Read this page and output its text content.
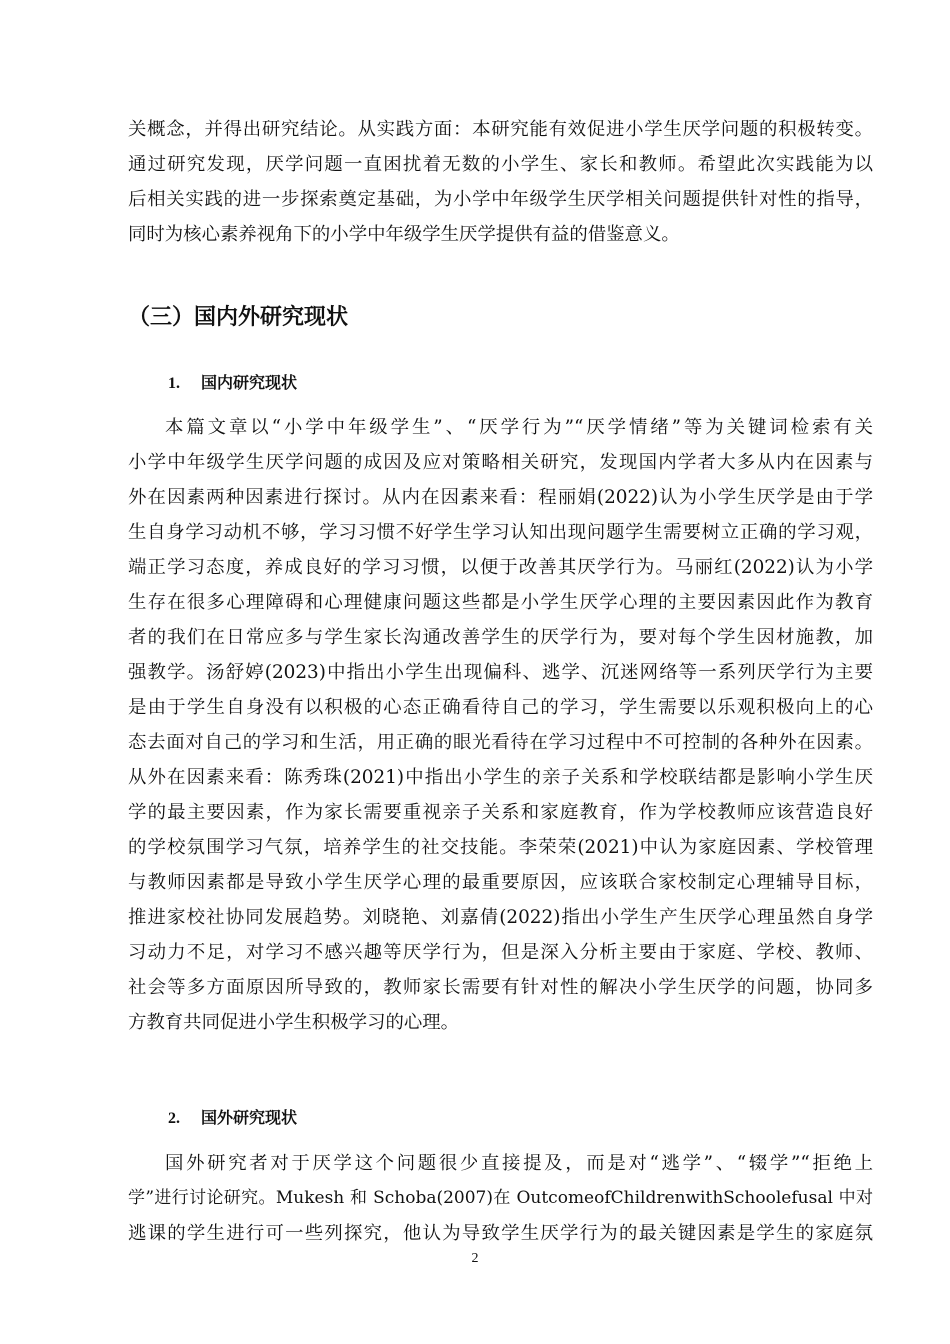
关概念，并得出研究结论。从实践方面：本研究能有效促进小学生厌学问题的积极转变。
通过研究发现，厌学问题一直困扰着无数的小学生、家长和教师。希望此次实践能为以
后相关实践的进一步探索奠定基础，为小学中年级学生厌学相关问题提供针对性的指导，
同时为核心素养视角下的小学中年级学生厌学提供有益的借鉴意义。
（三）国内外研究现状
1. 国内研究现状
本篇文章以“小学中年级学生”、“厌学行为”“厌学情绪”等为关键词检索有关
小学中年级学生厌学问题的成因及应对策略相关研究，发现国内学者大多从内在因素与
外在因素两种因素进行探讨。从内在因素来看：程丽娟(2022)认为小学生厌学是由于学
生自身学习动机不够，学习习惯不好学生学习认知出现问题学生需要树立正确的学习观，
端正学习态度，养成良好的学习习惯，以便于改善其厌学行为。马丽红(2022)认为小学
生存在很多心理障碍和心理健康问题这些都是小学生厌学心理的主要因素因此作为教育
者的我们在日常应多与学生家长沟通改善学生的厌学行为，要对每个学生因材施教，加
强教学。汤舒婷(2023)中指出小学生出现偏科、逃学、沉迷网络等一系列厌学行为主要
是由于学生自身没有以积极的心态正确看待自己的学习，学生需要以乐观积极向上的心
态去面对自己的学习和生活，用正确的眼光看待在学习过程中不可控制的各种外在因素。
从外在因素来看：陈秀珠(2021)中指出小学生的亲子关系和学校联结都是影响小学生厌
学的最主要因素，作为家长需要重视亲子关系和家庭教育，作为学校教师应该营造良好
的学校氛围学习气氛，培养学生的社交技能。李荣荣(2021)中认为家庭因素、学校管理
与教师因素都是导致小学生厌学心理的最重要原因，应该联合家校制定心理辅导目标，
推进家校社协同发展趋势。刘晓艳、刘嘉倩(2022)指出小学生产生厌学心理虽然自身学
习动力不足，对学习不感兴趣等厌学行为，但是深入分析主要由于家庭、学校、教师、
社会等多方面原因所导致的，教师家长需要有针对性的解决小学生厌学的问题，协同多
方教育共同促进小学生积极学习的心理。
2. 国外研究现状
国外研究者对于厌学这个问题很少直接提及，而是对“逃学”、“辍学”“拒绝上
学”进行讨论研究。Mukesh 和 Schoba(2007)在 OutcomeofChildrenwithSchoolefusal 中对
逃课的学生进行可一些列探究，他认为导致学生厌学行为的最关键因素是学生的家庭氛
2
